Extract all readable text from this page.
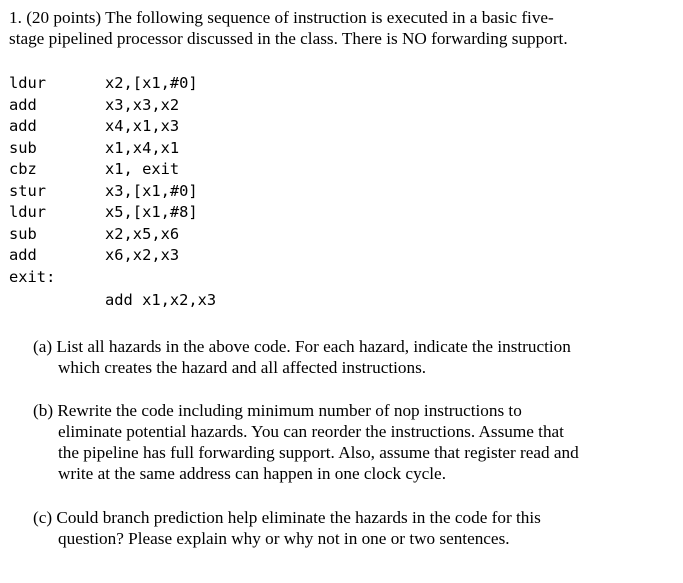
1. (20 points) The following sequence of instruction is executed in a basic five-
stage pipelined processor discussed in the class. There is NO forwarding support.
ldur	x2,[x1,#0]
add	x3,x3,x2
add	x4,x1,x3
sub	x1,x4,x1
cbz	x1, exit
stur	x3,[x1,#0]
ldur	x5,[x1,#8]
sub	x2,x5,x6
add	x6,x2,x3
exit:
add x1,x2,x3
(a) List all hazards in the above code. For each hazard, indicate the instruction
which creates the hazard and all affected instructions.
(b) Rewrite the code including minimum number of nop instructions to
eliminate potential hazards. You can reorder the instructions. Assume that
the pipeline has full forwarding support. Also, assume that register read and
write at the same address can happen in one clock cycle.
(c) Could branch prediction help eliminate the hazards in the code for this
question? Please explain why or why not in one or two sentences.
